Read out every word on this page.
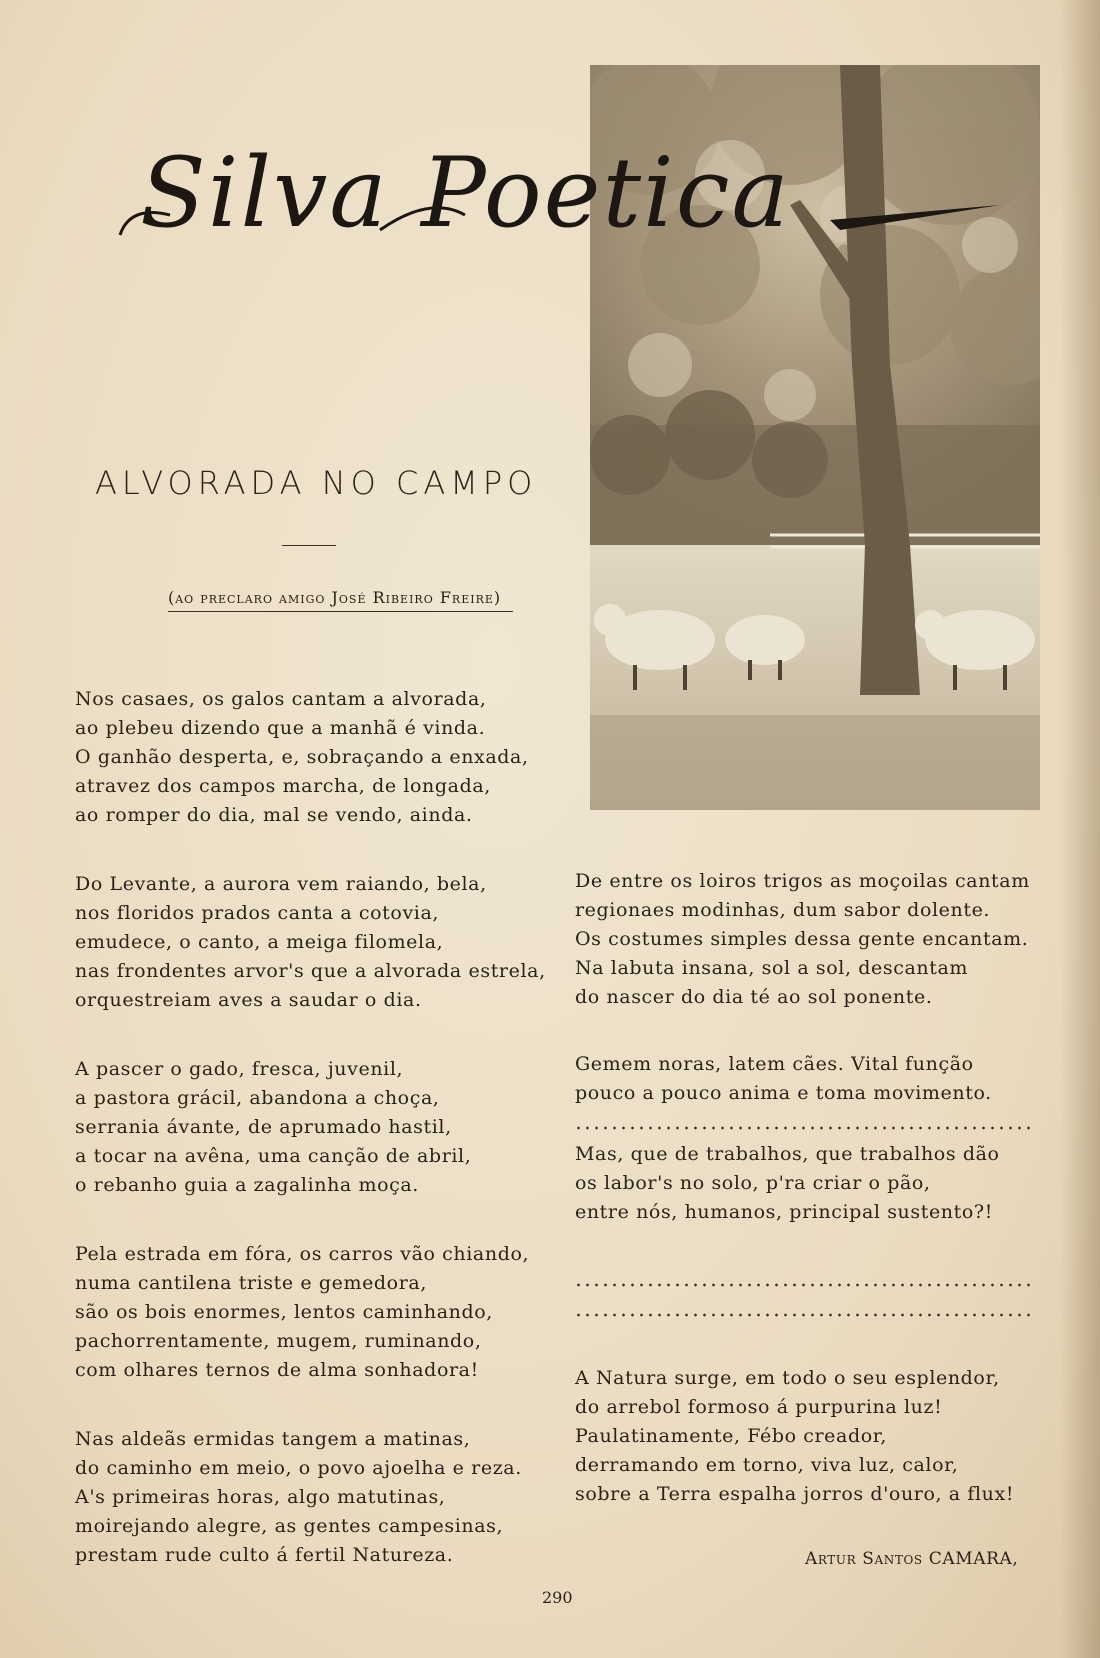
Silva Poetica
ALVORADA NO CAMPO
(ao preclaro amigo José Ribeiro Freire)
Nos casaes, os galos cantam a alvorada,
ao plebeu dizendo que a manhã é vinda.
O ganhão desperta, e, sobraçando a enxada,
atravez dos campos marcha, de longada,
ao romper do dia, mal se vendo, ainda.
Do Levante, a aurora vem raiando, bela,
nos floridos prados canta a cotovia,
emudece, o canto, a meiga filomela,
nas frondentes arvor's que a alvorada estrela,
orquestreiam aves a saudar o dia.
A pascer o gado, fresca, juvenil,
a pastora grácil, abandona a choça,
serrania ávante, de aprumado hastil,
a tocar na avêna, uma canção de abril,
o rebanho guia a zagalinha moça.
Pela estrada em fóra, os carros vão chiando,
numa cantilena triste e gemedora,
são os bois enormes, lentos caminhando,
pachorrentamente, mugem, ruminando,
com olhares ternos de alma sonhadora!
Nas aldeãs ermidas tangem a matinas,
do caminho em meio, o povo ajoelha e reza.
A's primeiras horas, algo matutinas,
moirejando alegre, as gentes campesinas,
prestam rude culto á fertil Natureza.
De entre os loiros trigos as moçoilas cantam
regionaes modinhas, dum sabor dolente.
Os costumes simples dessa gente encantam.
Na labuta insana, sol a sol, descantam
do nascer do dia té ao sol ponente.
Gemem noras, latem cães. Vital função
pouco a pouco anima e toma movimento.
Mas, que de trabalhos, que trabalhos dão
os labor's no solo, p'ra criar o pão,
entre nós, humanos, principal sustento?!
A Natura surge, em todo o seu esplendor,
do arrebol formoso á purpurina luz!
Paulatinamente, Fébo creador,
derramando em torno, viva luz, calor,
sobre a Terra espalha jorros d'ouro, a flux!
Artur Santos CAMARA,
290
